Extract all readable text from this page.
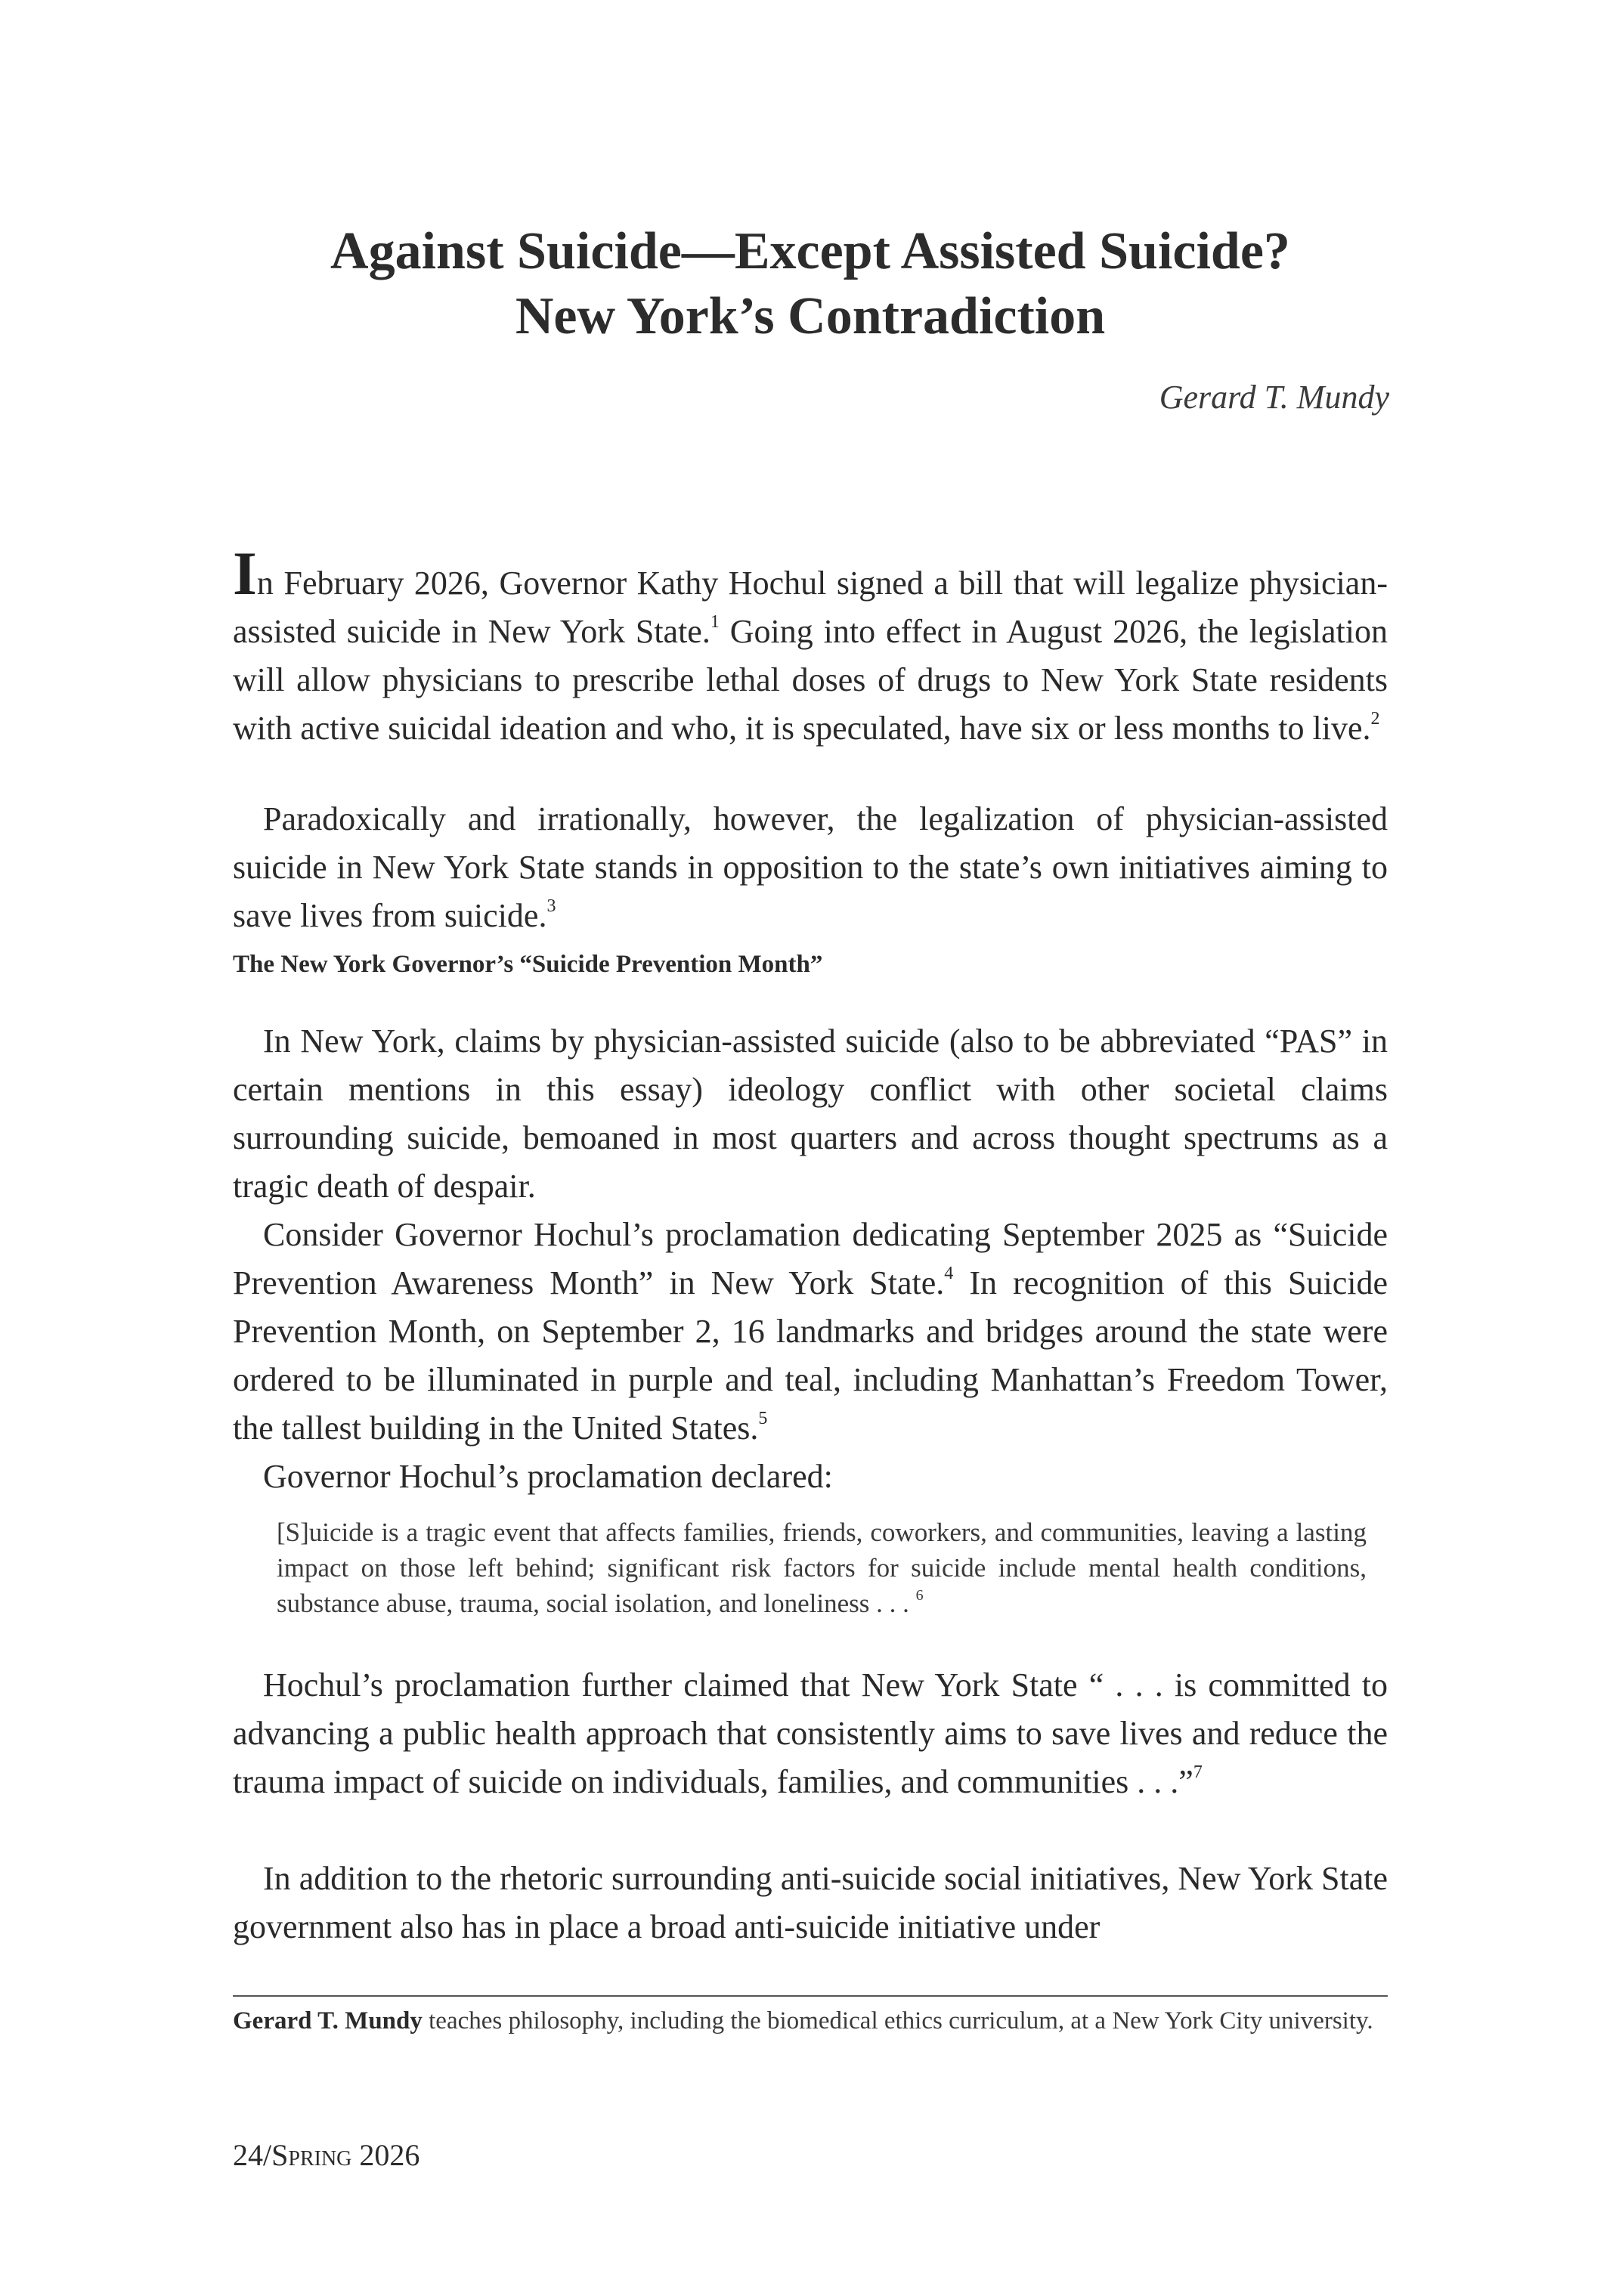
Against Suicide—Except Assisted Suicide?
New York’s Contradiction
Gerard T. Mundy
In February 2026, Governor Kathy Hochul signed a bill that will legalize physician-assisted suicide in New York State.$^1$ Going into effect in August 2026, the legislation will allow physicians to prescribe lethal doses of drugs to New York State residents with active suicidal ideation and who, it is speculated, have six or less months to live.$^2$
Paradoxically and irrationally, however, the legalization of physician-assisted suicide in New York State stands in opposition to the state’s own initiatives aiming to save lives from suicide.$^3$
The New York Governor’s “Suicide Prevention Month”
In New York, claims by physician-assisted suicide (also to be abbreviated “PAS” in certain mentions in this essay) ideology conflict with other societal claims surrounding suicide, bemoaned in most quarters and across thought spectrums as a tragic death of despair.
Consider Governor Hochul’s proclamation dedicating September 2025 as “Suicide Prevention Awareness Month” in New York State.$^4$ In recognition of this Suicide Prevention Month, on September 2, 16 landmarks and bridges around the state were ordered to be illuminated in purple and teal, including Manhattan’s Freedom Tower, the tallest building in the United States.$^5$
Governor Hochul’s proclamation declared:
[S]uicide is a tragic event that affects families, friends, coworkers, and communities, leaving a lasting impact on those left behind; significant risk factors for suicide include mental health conditions, substance abuse, trauma, social isolation, and loneliness . . . $^6$
Hochul’s proclamation further claimed that New York State “ . . . is committed to advancing a public health approach that consistently aims to save lives and reduce the trauma impact of suicide on individuals, families, and communities . . .”$^7$
In addition to the rhetoric surrounding anti-suicide social initiatives, New York State government also has in place a broad anti-suicide initiative under
Gerard T. Mundy teaches philosophy, including the biomedical ethics curriculum, at a New York City university.
24/Spring 2026
